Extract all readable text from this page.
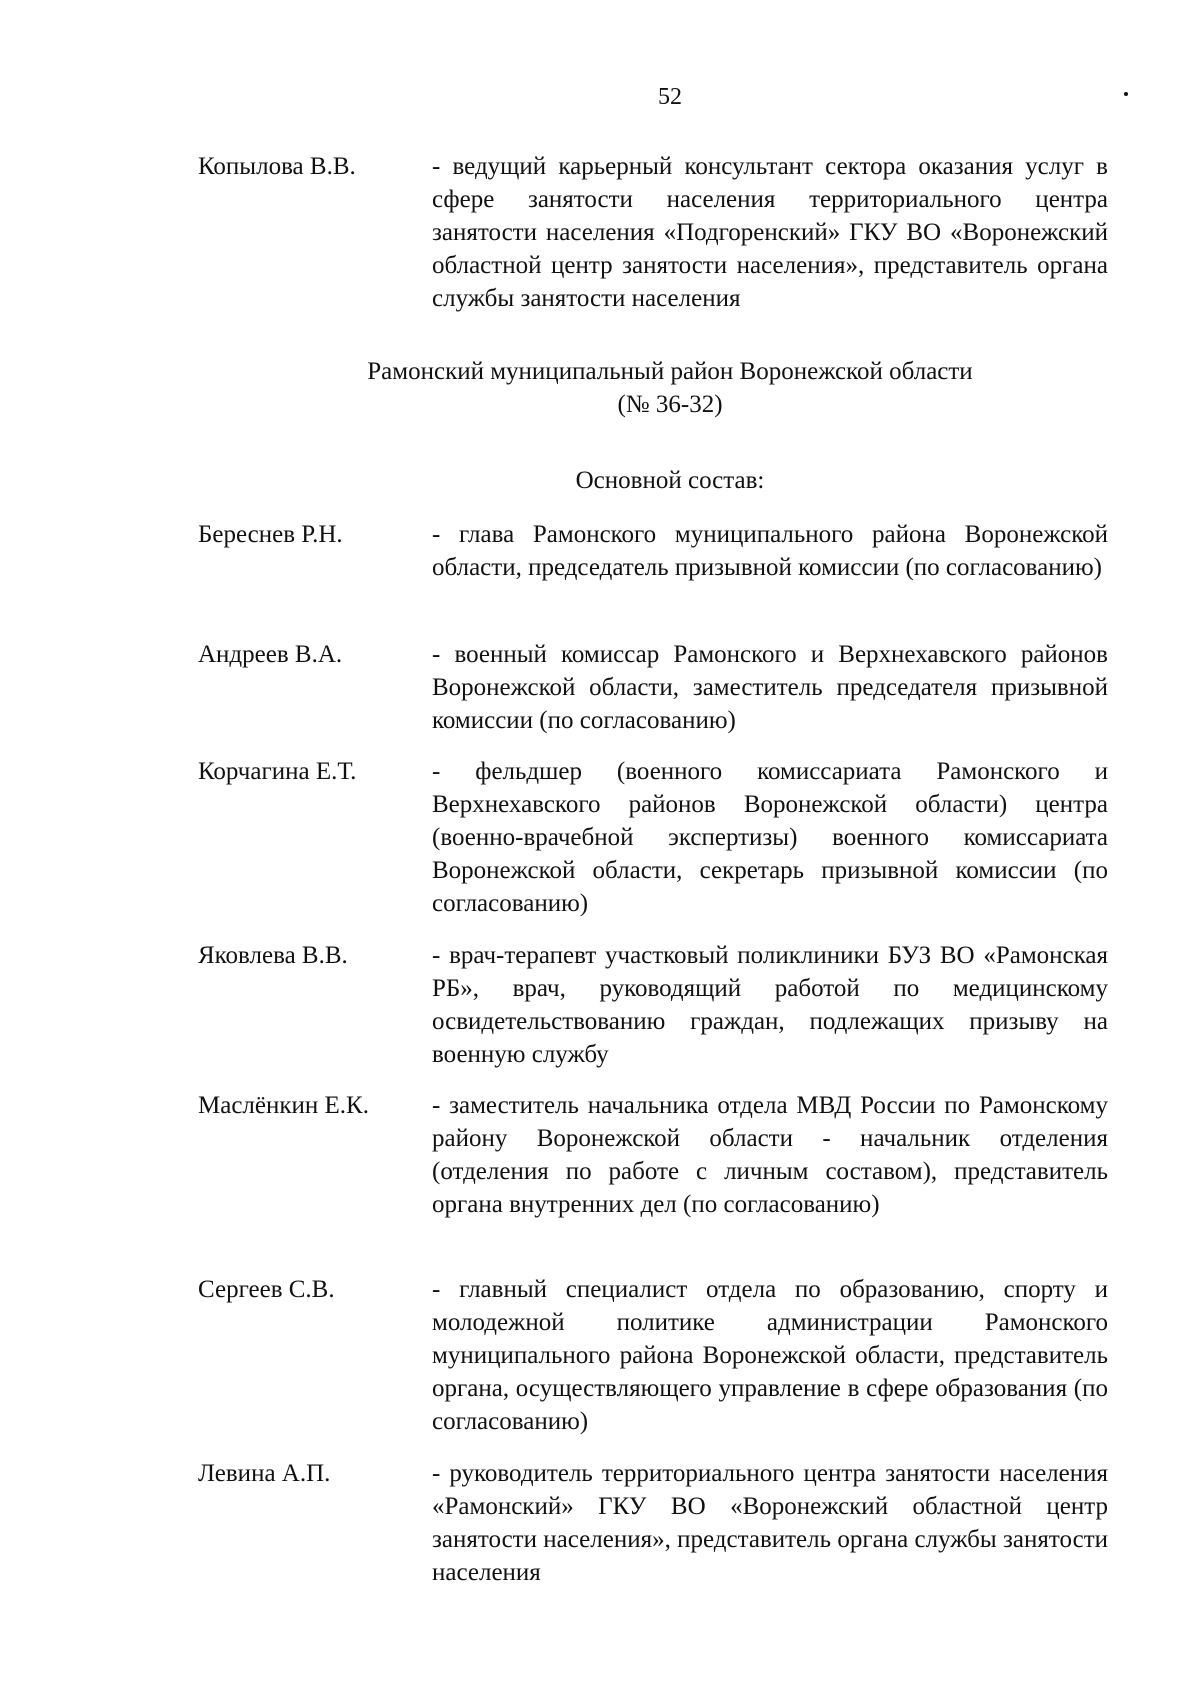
52
Копылова В.В.	- ведущий карьерный консультант сектора оказания услуг в сфере занятости населения территориального центра занятости населения «Подгоренский» ГКУ ВО «Воронежский областной центр занятости населения», представитель органа службы занятости населения
Рамонский муниципальный район Воронежской области
(№ 36-32)
Основной состав:
Береснев Р.Н.	- глава Рамонского муниципального района Воронежской области, председатель призывной комиссии (по согласованию)
Андреев В.А.	- военный комиссар Рамонского и Верхнехавского районов Воронежской области, заместитель председателя призывной комиссии (по согласованию)
Корчагина Е.Т.	- фельдшер (военного комиссариата Рамонского и Верхнехавского районов Воронежской области) центра (военно-врачебной экспертизы) военного комиссариата Воронежской области, секретарь призывной комиссии (по согласованию)
Яковлева В.В.	- врач-терапевт участковый поликлиники БУЗ ВО «Рамонская РБ», врач, руководящий работой по медицинскому освидетельствованию граждан, подлежащих призыву на военную службу
Маслёнкин Е.К.	- заместитель начальника отдела МВД России по Рамонскому району Воронежской области - начальник отделения (отделения по работе с личным составом), представитель органа внутренних дел (по согласованию)
Сергеев С.В.	- главный специалист отдела по образованию, спорту и молодежной политике администрации Рамонского муниципального района Воронежской области, представитель органа, осуществляющего управление в сфере образования (по согласованию)
Левина А.П.	- руководитель территориального центра занятости населения «Рамонский» ГКУ ВО «Воронежский областной центр занятости населения», представитель органа службы занятости населения
